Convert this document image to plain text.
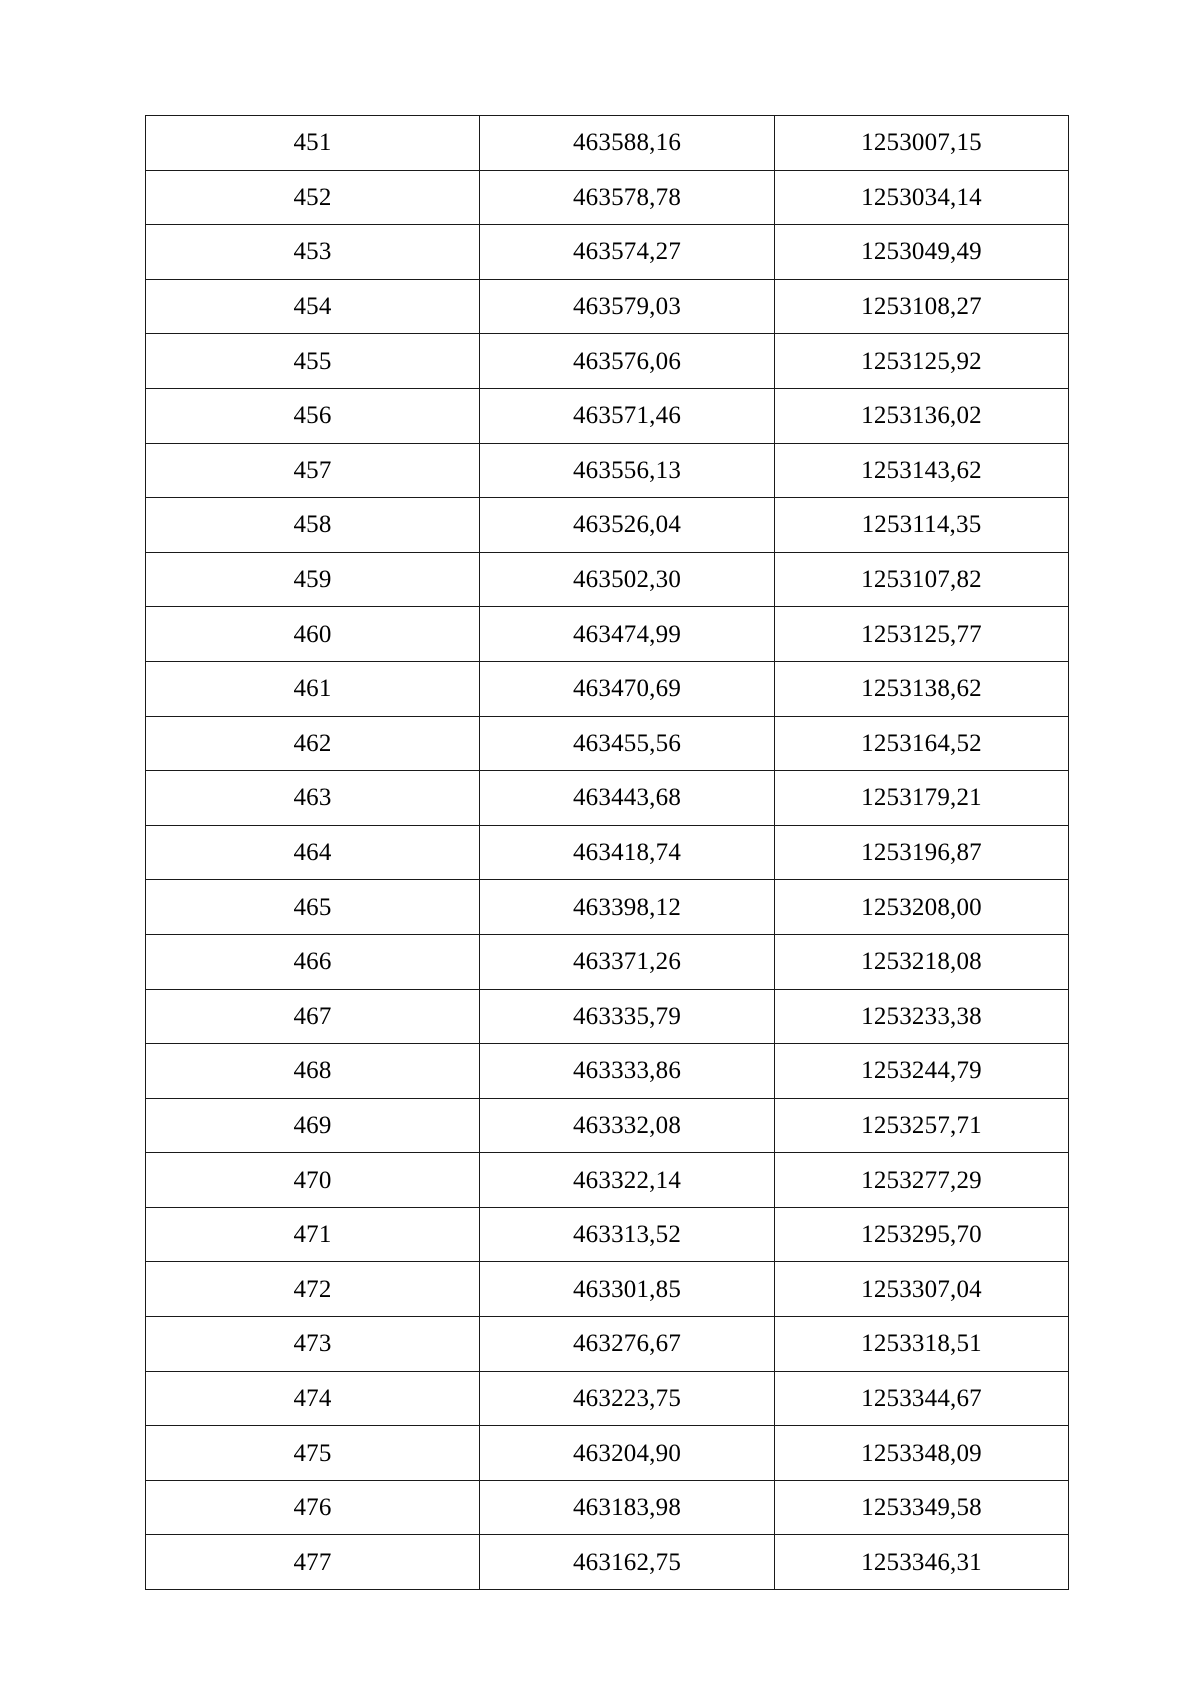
451	463588,16	1253007,15
452	463578,78	1253034,14
453	463574,27	1253049,49
454	463579,03	1253108,27
455	463576,06	1253125,92
456	463571,46	1253136,02
457	463556,13	1253143,62
458	463526,04	1253114,35
459	463502,30	1253107,82
460	463474,99	1253125,77
461	463470,69	1253138,62
462	463455,56	1253164,52
463	463443,68	1253179,21
464	463418,74	1253196,87
465	463398,12	1253208,00
466	463371,26	1253218,08
467	463335,79	1253233,38
468	463333,86	1253244,79
469	463332,08	1253257,71
470	463322,14	1253277,29
471	463313,52	1253295,70
472	463301,85	1253307,04
473	463276,67	1253318,51
474	463223,75	1253344,67
475	463204,90	1253348,09
476	463183,98	1253349,58
477	463162,75	1253346,31
